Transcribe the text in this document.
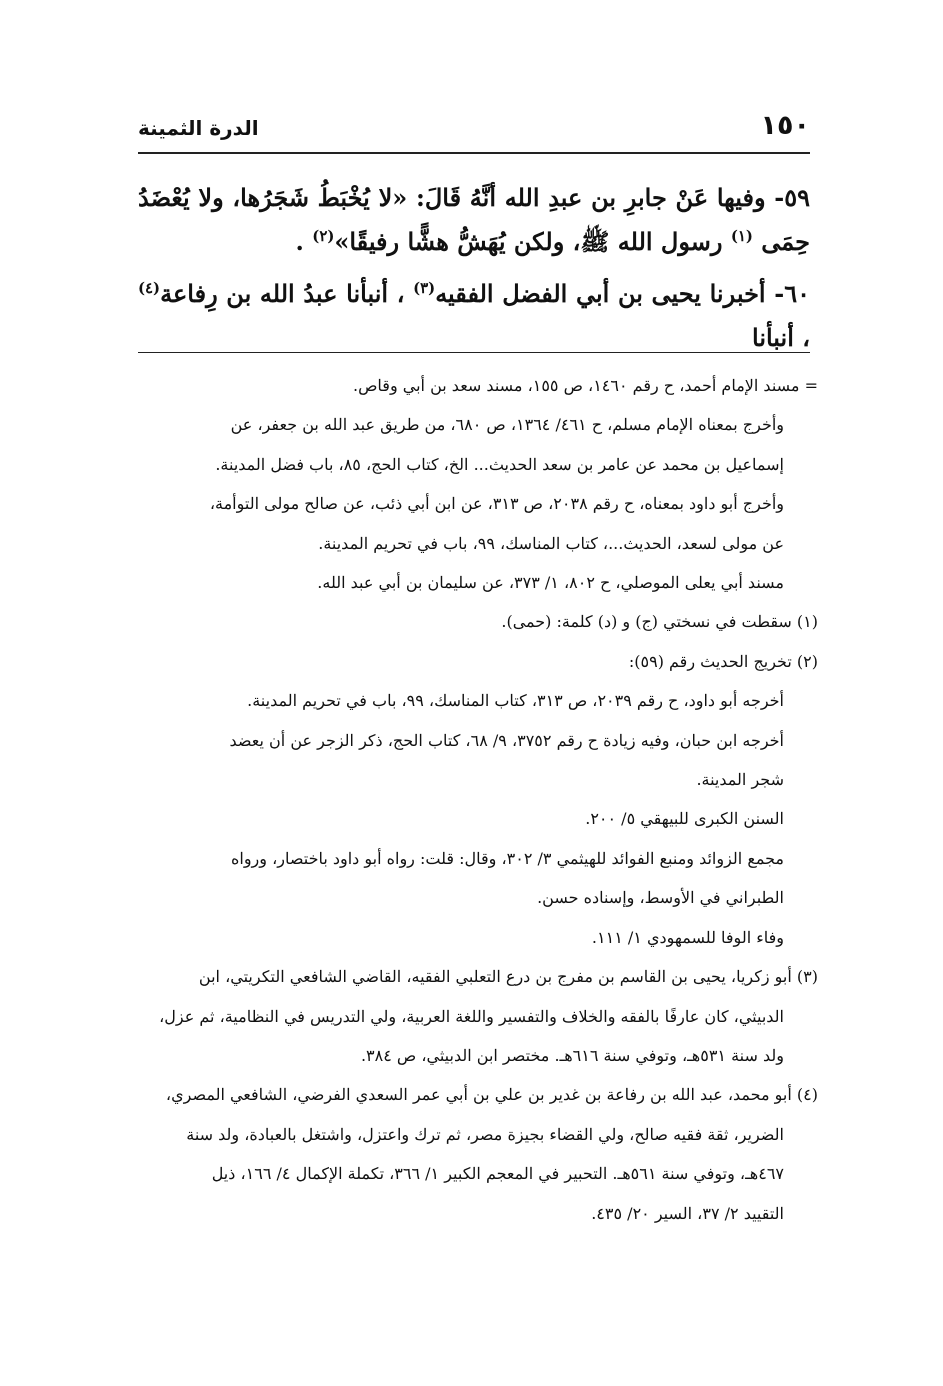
١٥٠
الدرة الثمينة

٥٩- وفيها عَنْ جابرِ بن عبدِ الله أنَّهُ قَالَ: «لا يُخْبَطُ شَجَرُها، ولا يُعْضَدُ حِمَى $^{(١)}$ رسول الله ﷺ، ولكن يُهَشُّ هشًّا رفيقًا»$^{(٢)}$ .

٦٠- أخبرنا يحيى بن أبي الفضل الفقيه$^{(٣)}$ ، أنبأنا عبدُ الله بن رِفاعة$^{(٤)}$ ، أنبأنا

= مسند الإمام أحمد، ح رقم ١٤٦٠، ص ١٥٥، مسند سعد بن أبي وقاص.
وأخرج بمعناه الإمام مسلم، ح ٤٦١/ ١٣٦٤، ص ٦٨٠، من طريق عبد الله بن جعفر، عن
إسماعيل بن محمد عن عامر بن سعد الحديث... الخ، كتاب الحج، ٨٥، باب فضل المدينة.
وأخرج أبو داود بمعناه، ح رقم ٢٠٣٨، ص ٣١٣، عن ابن أبي ذئب، عن صالح مولى التوأمة،
عن مولى لسعد، الحديث...، كتاب المناسك، ٩٩، باب في تحريم المدينة.
مسند أبي يعلى الموصلي، ح ٨٠٢، ١/ ٣٧٣، عن سليمان بن أبي عبد الله.
(١) سقطت في نسختي (ج) و (د) كلمة: (حمى).
(٢) تخريج الحديث رقم (٥٩):
أخرجه أبو داود، ح رقم ٢٠٣٩، ص ٣١٣، كتاب المناسك، ٩٩، باب في تحريم المدينة.
أخرجه ابن حبان، وفيه زيادة ح رقم ٣٧٥٢، ٩/ ٦٨، كتاب الحج، ذكر الزجر عن أن يعضد
شجر المدينة.
السنن الكبرى للبيهقي ٥/ ٢٠٠.
مجمع الزوائد ومنبع الفوائد للهيثمي ٣/ ٣٠٢، وقال: قلت: رواه أبو داود باختصار، ورواه
الطبراني في الأوسط، وإسناده حسن.
وفاء الوفا للسمهودي ١/ ١١١.
(٣) أبو زكريا، يحيى بن القاسم بن مفرج بن درع التعلبي الفقيه، القاضي الشافعي التكريتي، ابن
الدبيثي، كان عارفًا بالفقه والخلاف والتفسير واللغة العربية، ولي التدريس في النظامية، ثم عزل،
ولد سنة ٥٣١هـ، وتوفي سنة ٦١٦هـ. مختصر ابن الدبيثي، ص ٣٨٤.
(٤) أبو محمد، عبد الله بن رفاعة بن غدير بن علي بن أبي عمر السعدي الفرضي، الشافعي المصري،
الضرير، ثقة فقيه صالح، ولي القضاء بجيزة مصر، ثم ترك واعتزل، واشتغل بالعبادة، ولد سنة
٤٦٧هـ، وتوفي سنة ٥٦١هـ. التحبير في المعجم الكبير ١/ ٣٦٦، تكملة الإكمال ٤/ ١٦٦، ذيل
التقييد ٢/ ٣٧، السير ٢٠/ ٤٣٥.
